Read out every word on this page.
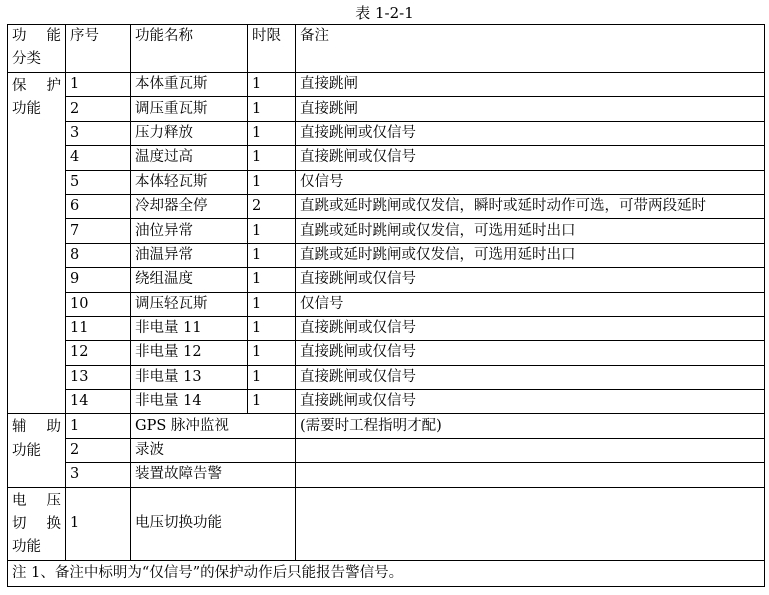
表 1-2-1
功 能
分类	序号	功能名称	时限	备注

保 护
功能	1	本体重瓦斯	1	直接跳闸
	2	调压重瓦斯	1	直接跳闸
	3	压力释放	1	直接跳闸或仅信号
	4	温度过高	1	直接跳闸或仅信号
	5	本体轻瓦斯	1	仅信号
	6	冷却器全停	2	直跳或延时跳闸或仅发信，瞬时或延时动作可选，可带两段延时
	7	油位异常	1	直跳或延时跳闸或仅发信，可选用延时出口
	8	油温异常	1	直跳或延时跳闸或仅发信，可选用延时出口
	9	绕组温度	1	直接跳闸或仅信号
	10	调压轻瓦斯	1	仅信号
	11	非电量 11	1	直接跳闸或仅信号
	12	非电量 12	1	直接跳闸或仅信号
	13	非电量 13	1	直接跳闸或仅信号
	14	非电量 14	1	直接跳闸或仅信号

辅 助
功能	1	GPS 脉冲监视		(需要时工程指明才配)
	2	录波		
	3	装置故障告警		

电 压
切 换
功能	1	电压切换功能		
注 1、备注中标明为“仅信号”的保护动作后只能报告警信号。				
